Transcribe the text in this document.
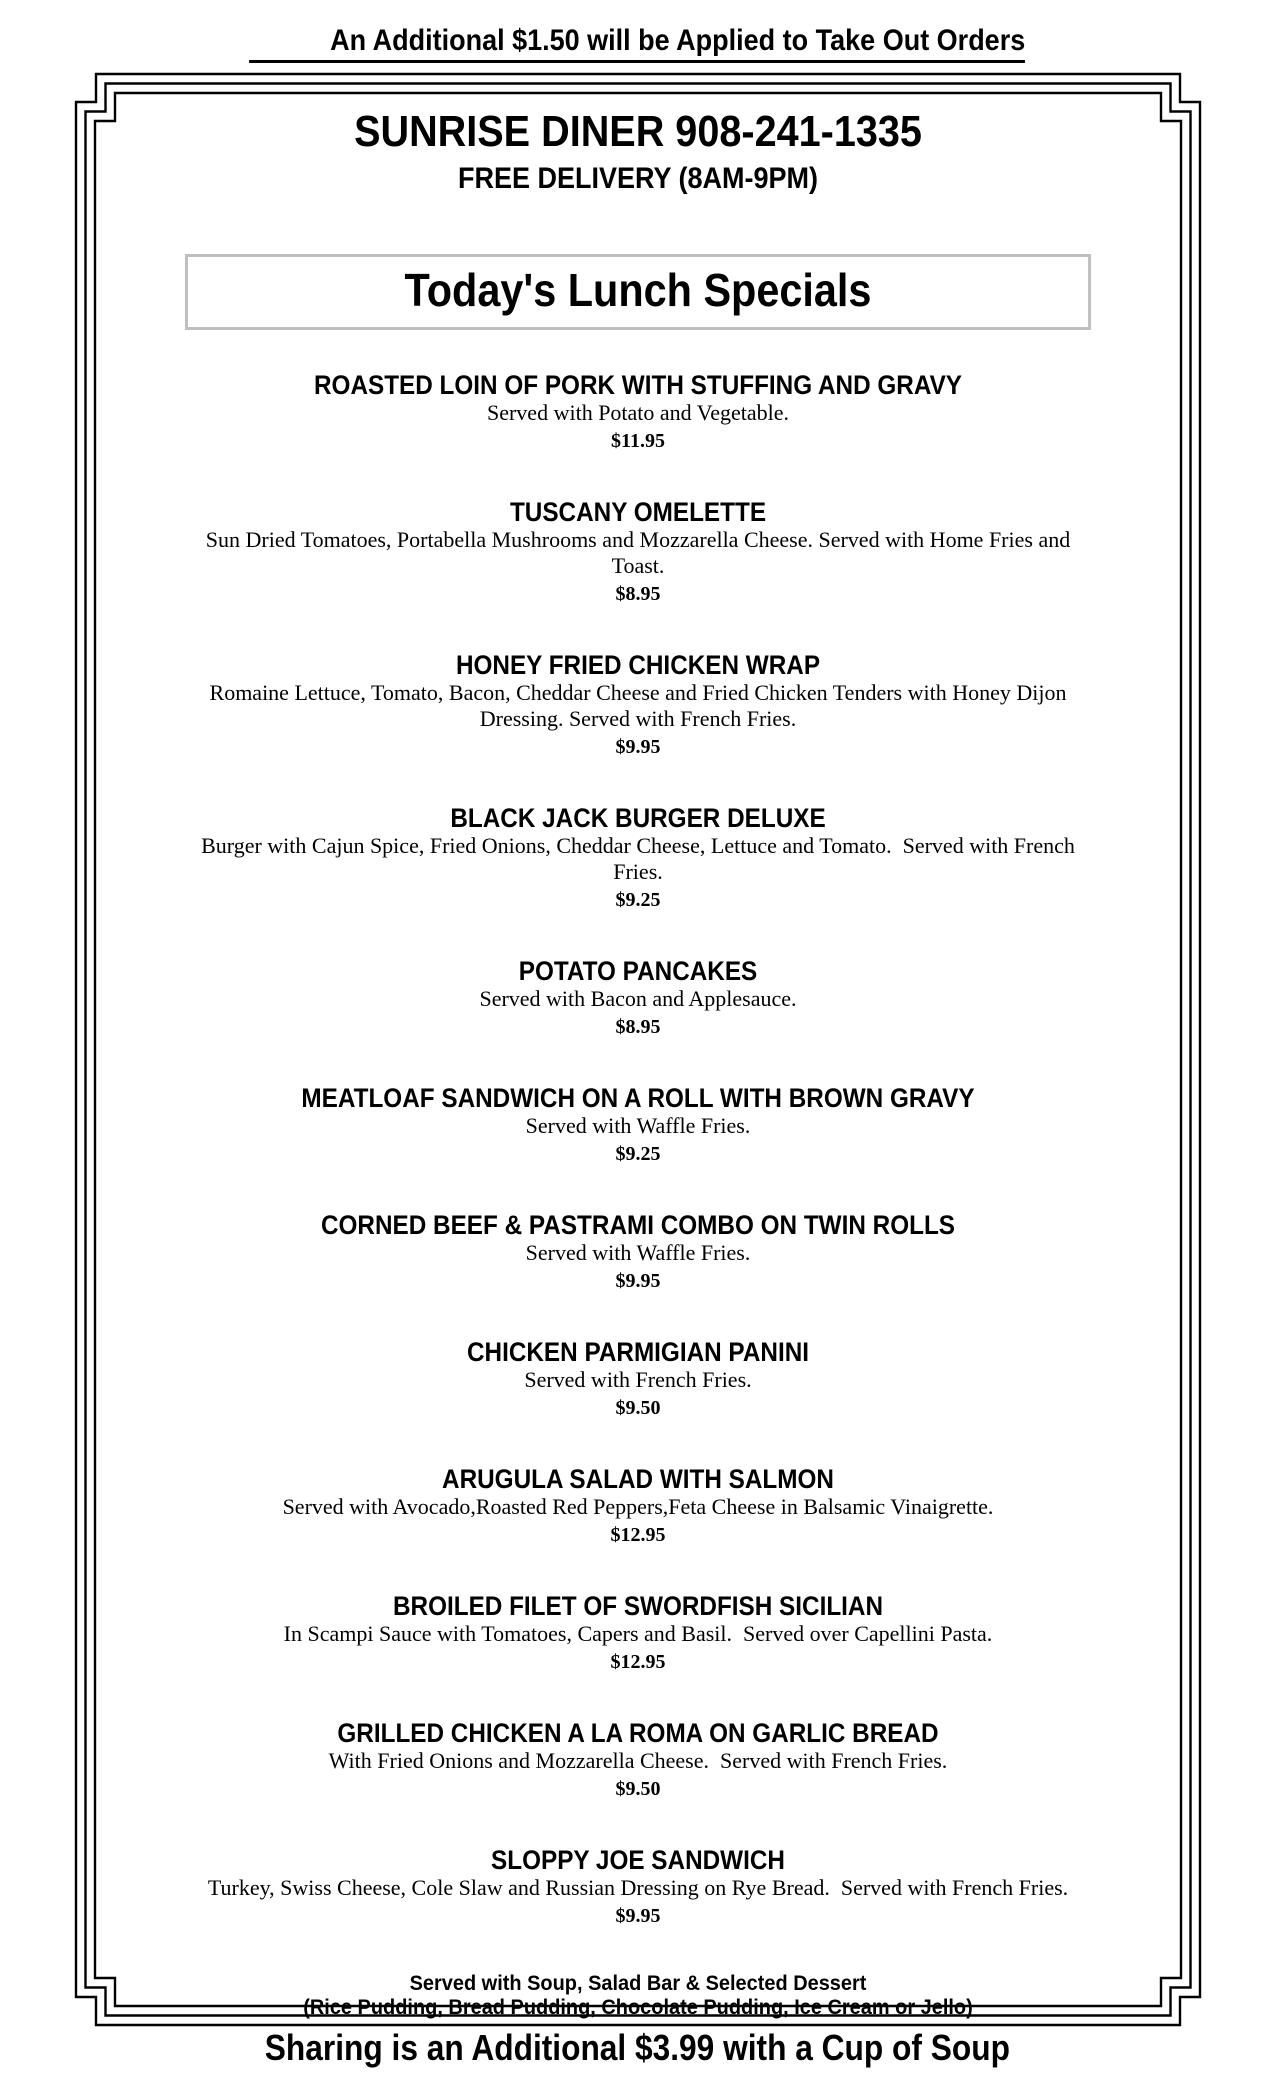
An Additional $1.50 will be Applied to Take Out Orders
SUNRISE DINER 908-241-1335
FREE DELIVERY (8AM-9PM)
Today's Lunch Specials
ROASTED LOIN OF PORK WITH STUFFING AND GRAVY
Served with Potato and Vegetable.
$11.95
TUSCANY OMELETTE
Sun Dried Tomatoes, Portabella Mushrooms and Mozzarella Cheese. Served with Home Fries and Toast.
$8.95
HONEY FRIED CHICKEN WRAP
Romaine Lettuce, Tomato, Bacon, Cheddar Cheese and Fried Chicken Tenders with Honey Dijon Dressing. Served with French Fries.
$9.95
BLACK JACK BURGER DELUXE
Burger with Cajun Spice, Fried Onions, Cheddar Cheese, Lettuce and Tomato.  Served with French Fries.
$9.25
POTATO PANCAKES
Served with Bacon and Applesauce.
$8.95
MEATLOAF SANDWICH ON A ROLL WITH BROWN GRAVY
Served with Waffle Fries.
$9.25
CORNED BEEF & PASTRAMI COMBO ON TWIN ROLLS
Served with Waffle Fries.
$9.95
CHICKEN PARMIGIAN PANINI
Served with French Fries.
$9.50
ARUGULA SALAD WITH SALMON
Served with Avocado,Roasted Red Peppers,Feta Cheese in Balsamic Vinaigrette.
$12.95
BROILED FILET OF SWORDFISH SICILIAN
In Scampi Sauce with Tomatoes, Capers and Basil.  Served over Capellini Pasta.
$12.95
GRILLED CHICKEN A LA ROMA ON GARLIC BREAD
With Fried Onions and Mozzarella Cheese.  Served with French Fries.
$9.50
SLOPPY JOE SANDWICH
Turkey, Swiss Cheese, Cole Slaw and Russian Dressing on Rye Bread.  Served with French Fries.
$9.95
Served with Soup, Salad Bar & Selected Dessert
(Rice Pudding, Bread Pudding, Chocolate Pudding, Ice Cream or Jello)
Sharing is an Additional $3.99 with a Cup of Soup
